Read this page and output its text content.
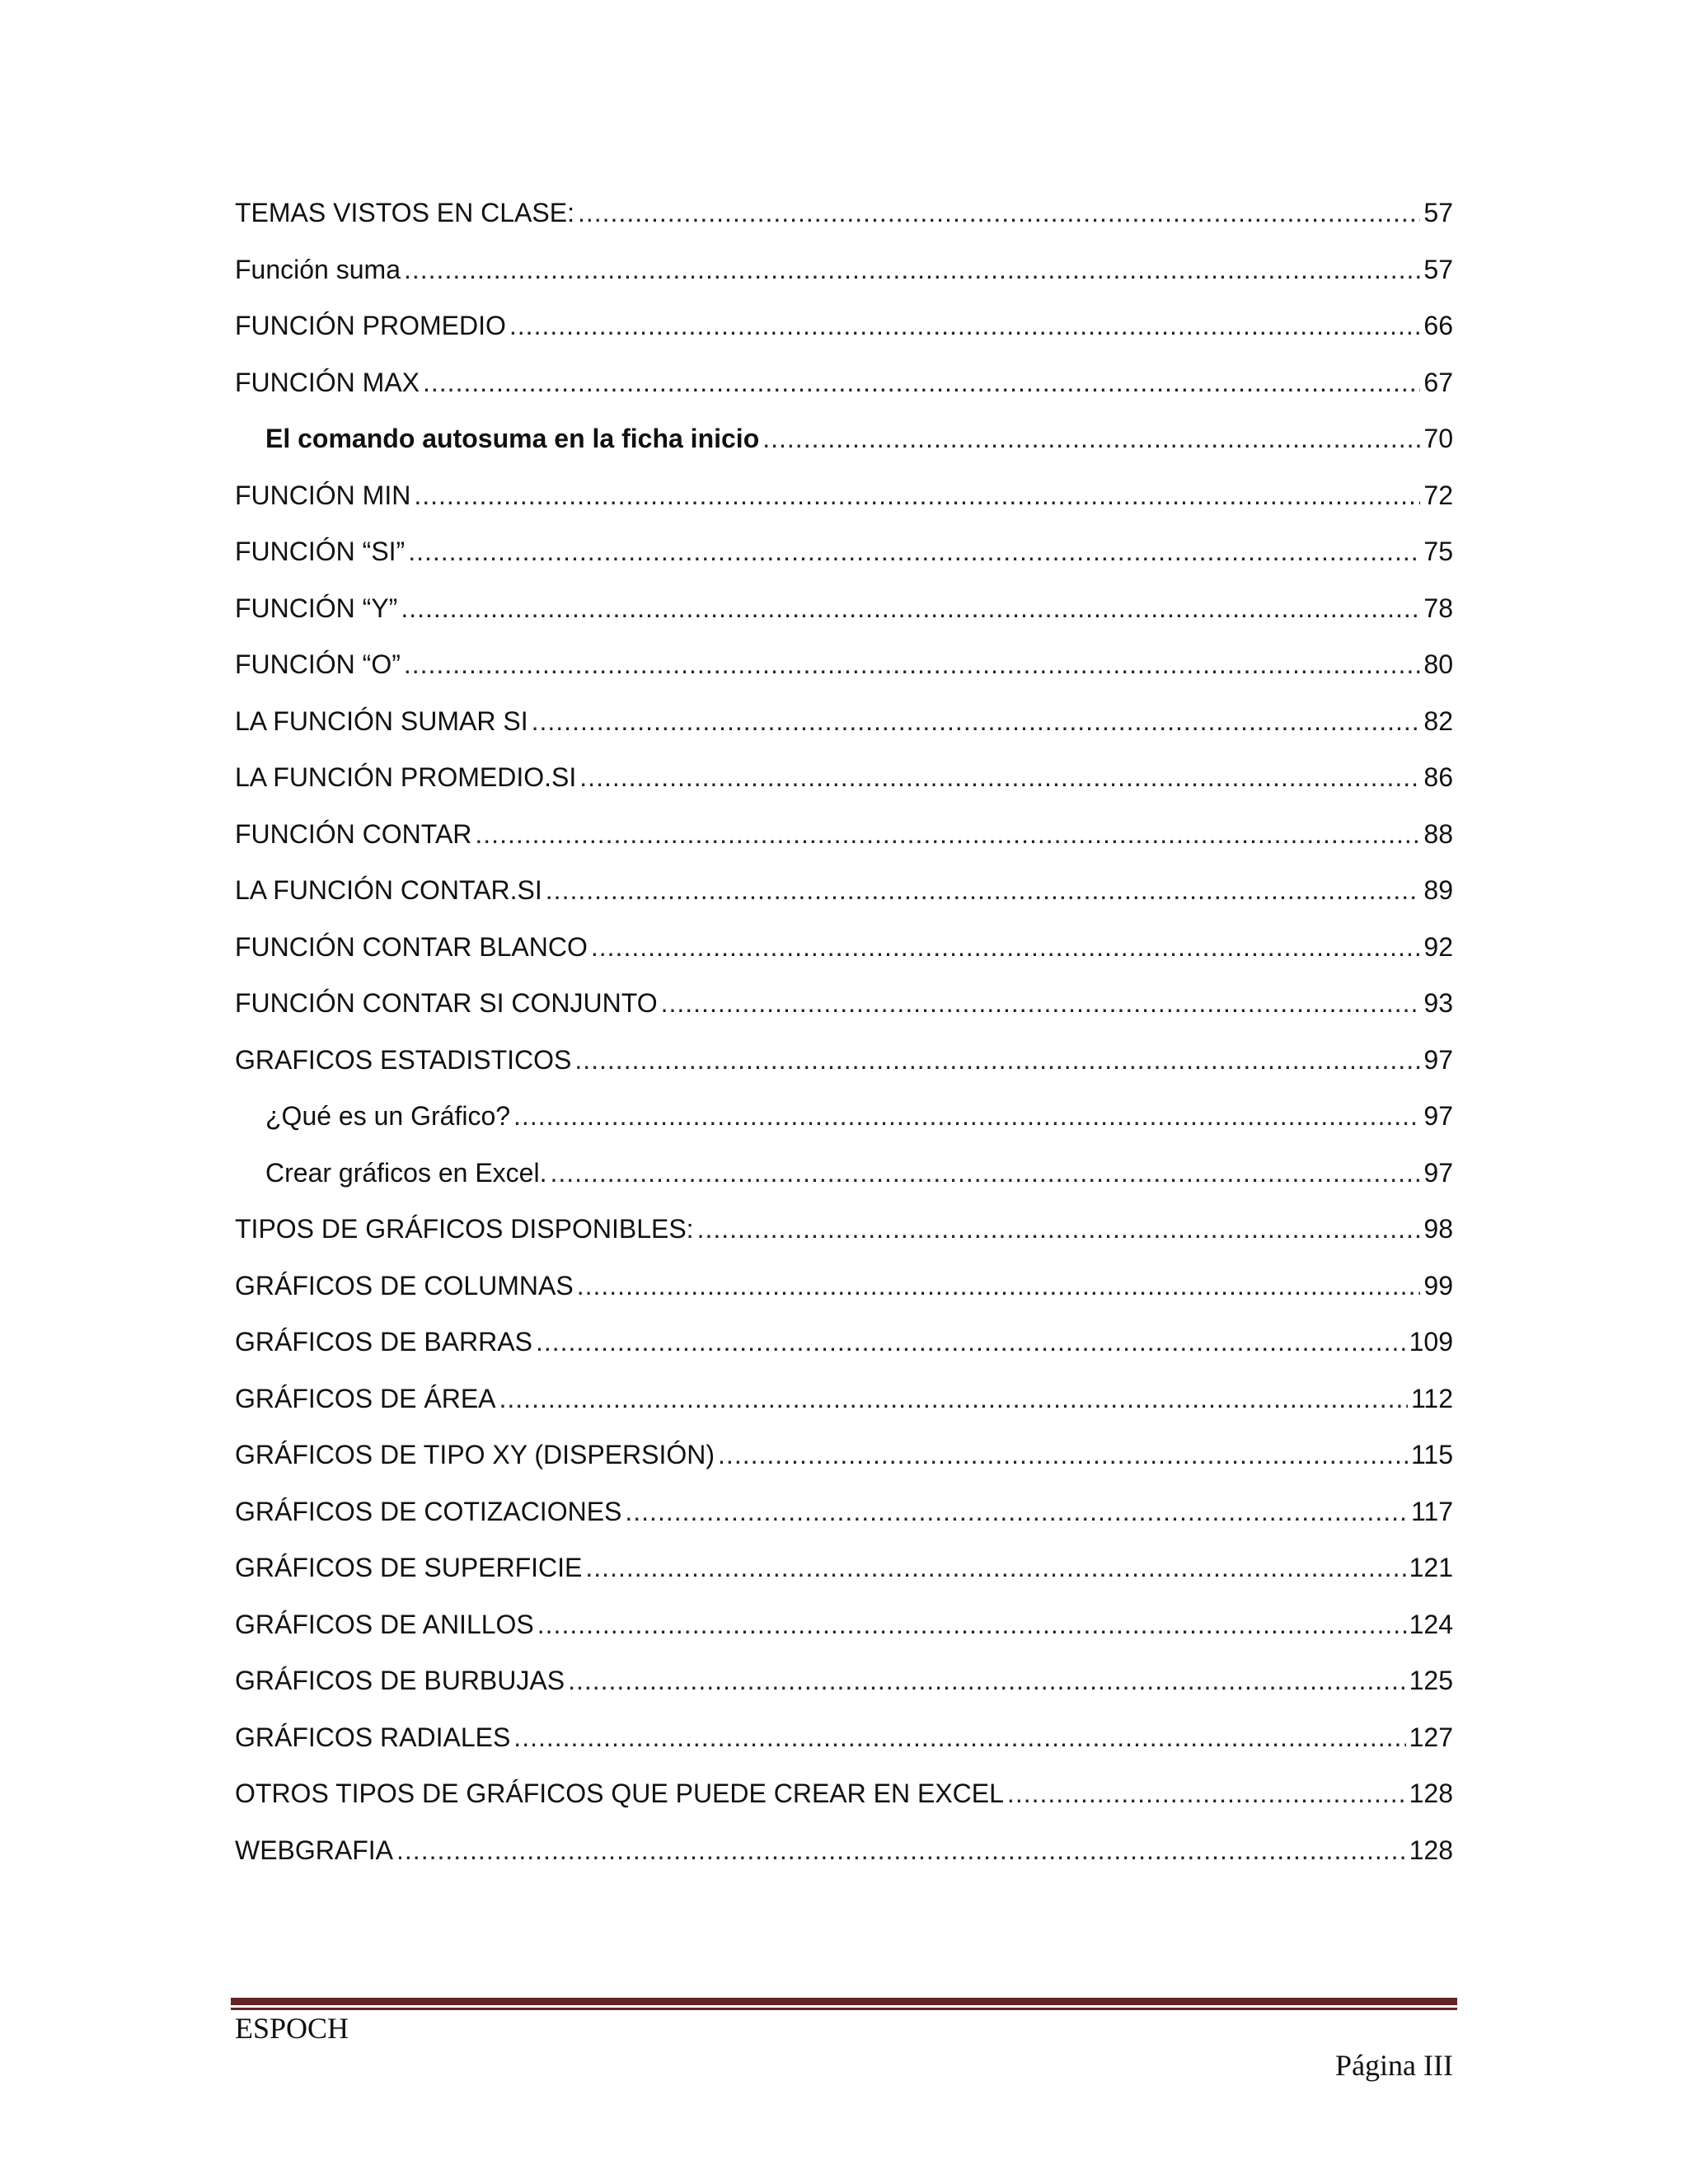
TEMAS VISTOS EN CLASE: .....	57
Función suma .....	57
FUNCIÓN PROMEDIO .....	66
FUNCIÓN MAX .....	67
El comando autosuma en la ficha inicio .....	70
FUNCIÓN MIN .....	72
FUNCIÓN “SI” .....	75
FUNCIÓN “Y” .....	78
FUNCIÓN “O” .....	80
LA FUNCIÓN SUMAR SI .....	82
LA FUNCIÓN PROMEDIO.SI .....	86
FUNCIÓN CONTAR .....	88
LA FUNCIÓN CONTAR.SI .....	89
FUNCIÓN CONTAR BLANCO .....	92
FUNCIÓN CONTAR SI CONJUNTO .....	93
GRAFICOS ESTADISTICOS .....	97
¿Qué es un Gráfico? .....	97
Crear gráficos en Excel. .....	97
TIPOS DE GRÁFICOS DISPONIBLES: .....	98
GRÁFICOS DE COLUMNAS .....	99
GRÁFICOS DE BARRAS .....	109
GRÁFICOS DE ÁREA .....	112
GRÁFICOS DE TIPO XY (DISPERSIÓN) .....	115
GRÁFICOS DE COTIZACIONES .....	117
GRÁFICOS DE SUPERFICIE .....	121
GRÁFICOS DE ANILLOS .....	124
GRÁFICOS DE BURBUJAS .....	125
GRÁFICOS RADIALES .....	127
OTROS TIPOS DE GRÁFICOS QUE PUEDE CREAR EN EXCEL .....	128
WEBGRAFIA .....	128
ESPOCH
Página III
